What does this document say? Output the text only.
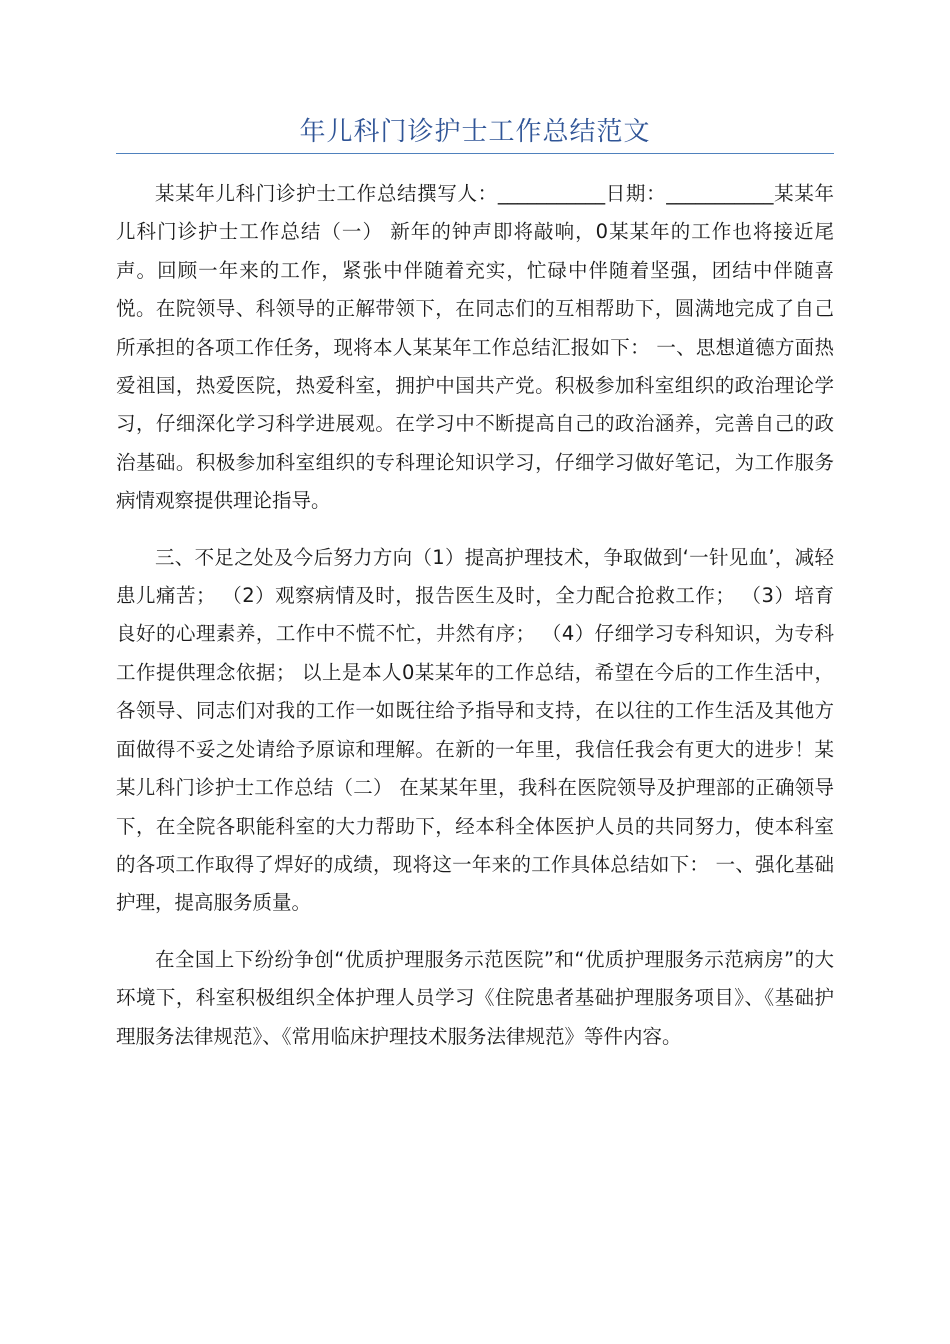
年儿科门诊护士工作总结范文

某某年儿科门诊护士工作总结撰写人：___________日期：___________某某年儿科门诊护士工作总结（一） 新年的钟声即将敲响，0某某年的工作也将接近尾声。回顾一年来的工作，紧张中伴随着充实，忙碌中伴随着坚强，团结中伴随喜悦。在院领导、科领导的正解带领下，在同志们的互相帮助下，圆满地完成了自己所承担的各项工作任务，现将本人某某年工作总结汇报如下： 一、思想道德方面热爱祖国，热爱医院，热爱科室，拥护中国共产党。积极参加科室组织的政治理论学习，仔细深化学习科学进展观。在学习中不断提高自己的政治涵养，完善自己的政治基础。积极参加科室组织的专科理论知识学习，仔细学习做好笔记，为工作服务病情观察提供理论指导。

三、不足之处及今后努力方向（1）提高护理技术，争取做到‘一针见血’，减轻患儿痛苦； （2）观察病情及时，报告医生及时，全力配合抢救工作； （3）培育良好的心理素养，工作中不慌不忙，井然有序； （4）仔细学习专科知识，为专科工作提供理念依据； 以上是本人0某某年的工作总结，希望在今后的工作生活中，各领导、同志们对我的工作一如既往给予指导和支持，在以往的工作生活及其他方面做得不妥之处请给予原谅和理解。在新的一年里，我信任我会有更大的进步！某某儿科门诊护士工作总结（二） 在某某年里，我科在医院领导及护理部的正确领导下，在全院各职能科室的大力帮助下，经本科全体医护人员的共同努力，使本科室的各项工作取得了焊好的成绩，现将这一年来的工作具体总结如下： 一、强化基础护理，提高服务质量。

在全国上下纷纷争创“优质护理服务示范医院”和“优质护理服务示范病房”的大环境下，科室积极组织全体护理人员学习《住院患者基础护理服务项目》、《基础护理服务法律规范》、《常用临床护理技术服务法律规范》等件内容。
